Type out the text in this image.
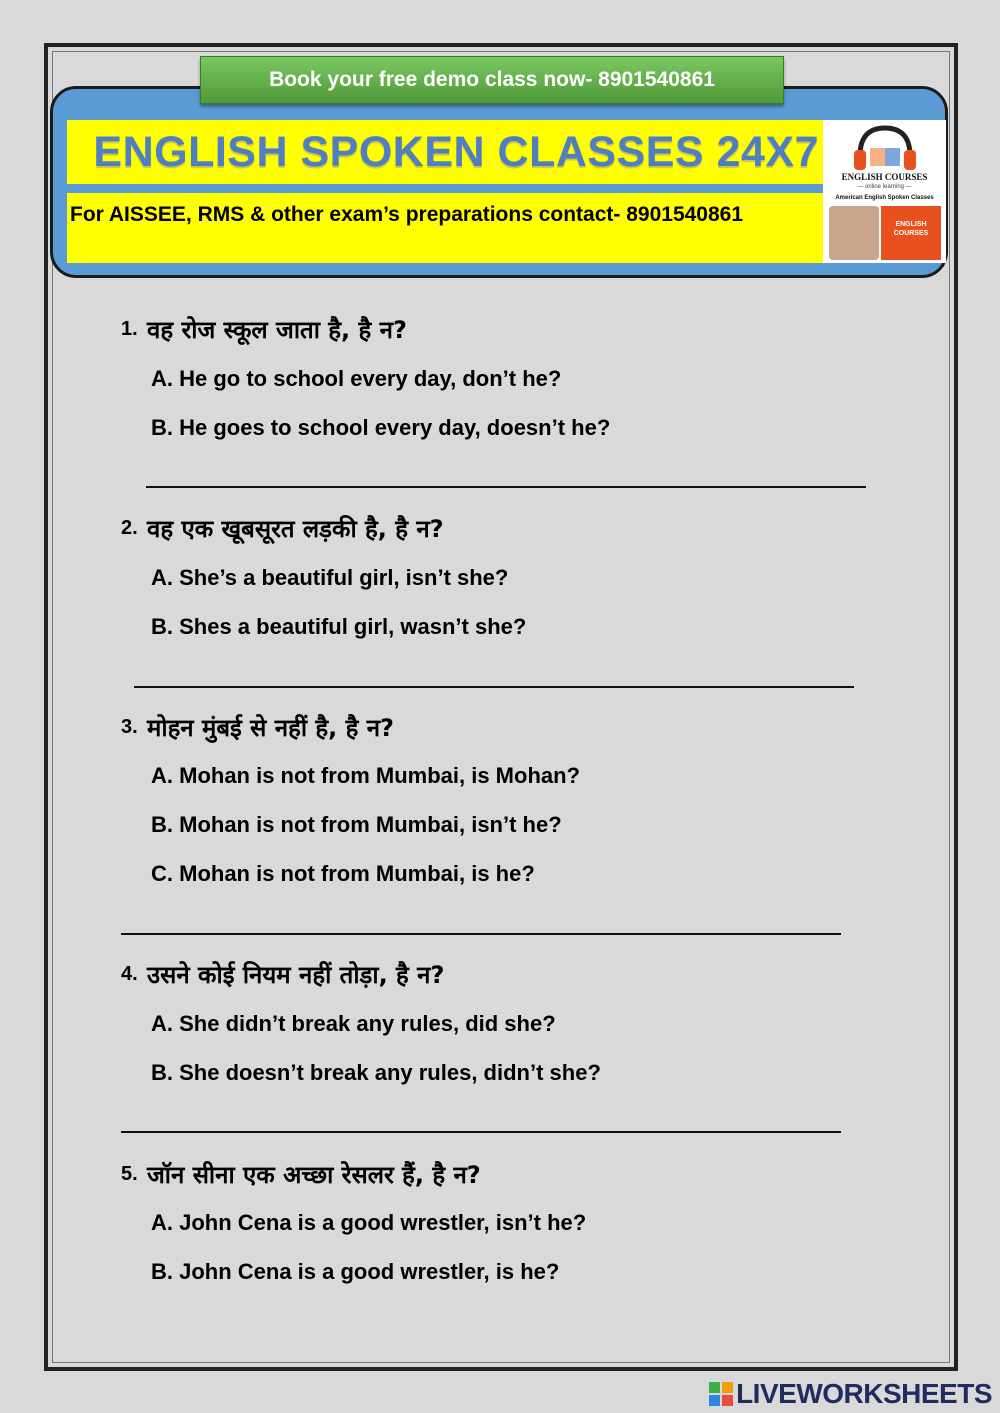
Book your free demo class now- 8901540861
ENGLISH SPOKEN CLASSES 24X7
For AISSEE, RMS & other exam’s preparations contact- 8901540861
ENGLISH COURSES
— online learning —
American English Spoken Classes
ENGLISH COURSES
1. वह रोज स्कूल जाता है, है न?
A. He go to school every day, don’t he?
B. He goes to school every day, doesn’t he?
2. वह एक खूबसूरत लड़की है, है न?
A. She’s a beautiful girl, isn’t she?
B. Shes a beautiful girl, wasn’t she?
3. मोहन मुंबई से नहीं है, है न?
A. Mohan is not from Mumbai, is Mohan?
B. Mohan is not from Mumbai, isn’t he?
C. Mohan is not from Mumbai, is he?
4. उसने कोई नियम नहीं तोड़ा, है न?
A. She didn’t break any rules, did she?
B. She doesn’t break any rules, didn’t she?
5. जॉन सीना एक अच्छा रेसलर हैं, है न?
A. John Cena is a good wrestler, isn’t he?
B. John Cena is a good wrestler, is he?
LIVEWORKSHEETS
